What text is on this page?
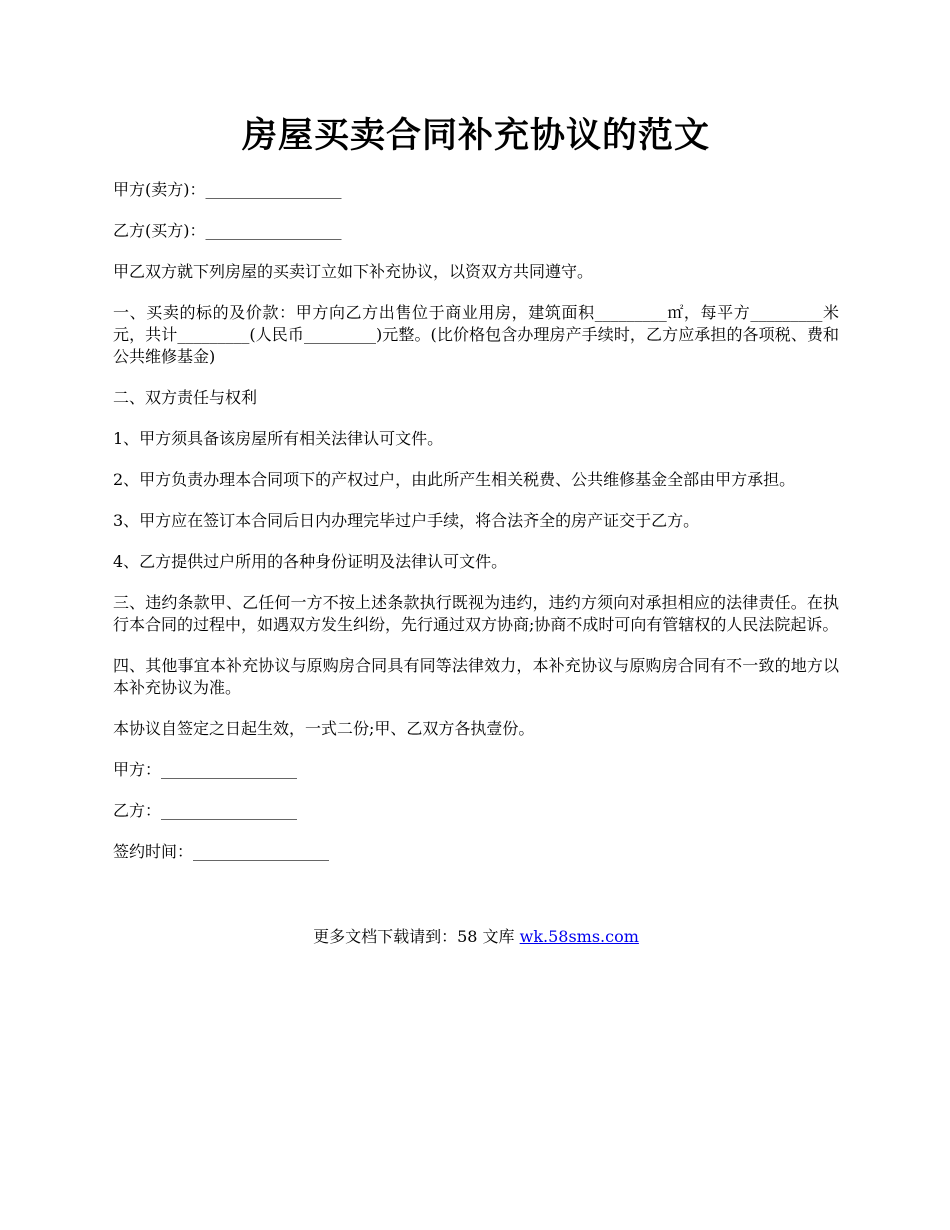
房屋买卖合同补充协议的范文

甲方(卖方)：_________________

乙方(买方)：_________________

甲乙双方就下列房屋的买卖订立如下补充协议，以资双方共同遵守。

一、买卖的标的及价款：甲方向乙方出售位于商业用房，建筑面积_________㎡，每平方_________米元，共计_________(人民币_________)元整。(比价格包含办理房产手续时，乙方应承担的各项税、费和公共维修基金)

二、双方责任与权利

1、甲方须具备该房屋所有相关法律认可文件。

2、甲方负责办理本合同项下的产权过户，由此所产生相关税费、公共维修基金全部由甲方承担。

3、甲方应在签订本合同后日内办理完毕过户手续，将合法齐全的房产证交于乙方。

4、乙方提供过户所用的各种身份证明及法律认可文件。

三、违约条款甲、乙任何一方不按上述条款执行既视为违约，违约方须向对承担相应的法律责任。在执行本合同的过程中，如遇双方发生纠纷，先行通过双方协商;协商不成时可向有管辖权的人民法院起诉。

四、其他事宜本补充协议与原购房合同具有同等法律效力，本补充协议与原购房合同有不一致的地方以本补充协议为准。

本协议自签定之日起生效，一式二份;甲、乙双方各执壹份。

甲方：_________________

乙方：_________________

签约时间：_________________

更多文档下载请到：58 文库 wk.58sms.com
